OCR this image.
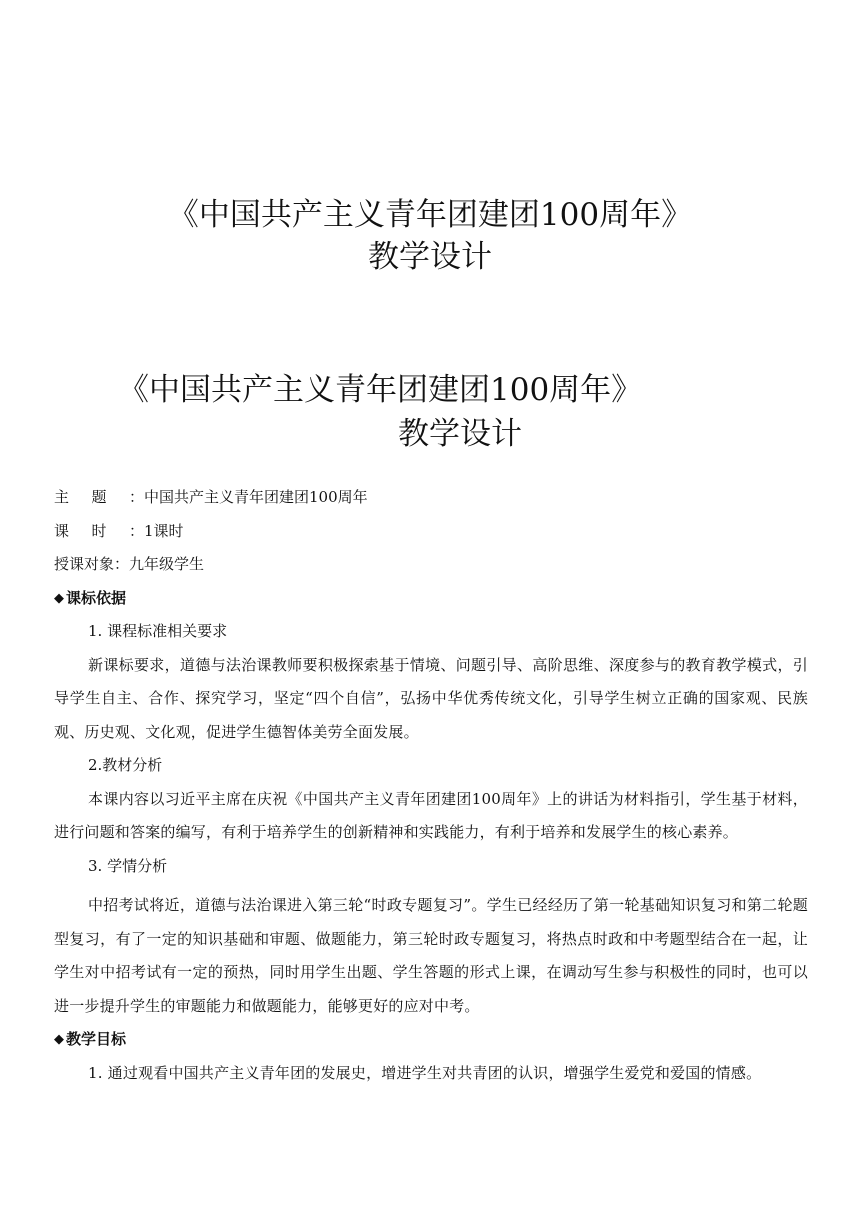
《中国共产主义青年团建团100周年》
教学设计
《中国共产主义青年团建团100周年》
教学设计
主题： 中国共产主义青年团建团100周年
课时： 1课时
授课对象： 九年级学生
◆ 课标依据
1. 课程标准相关要求

新课标要求，道德与法治课教师要积极探索基于情境、问题引导、高阶思维、深度参与的教育教学模式，引导学生自主、合作、探究学习，坚定“四个自信”，弘扬中华优秀传统文化，引导学生树立正确的国家观、民族观、历史观、文化观，促进学生德智体美劳全面发展。

2.教材分析

本课内容以习近平主席在庆祝《中国共产主义青年团建团100周年》上的讲话为材料指引，学生基于材料，进行问题和答案的编写，有利于培养学生的创新精神和实践能力，有利于培养和发展学生的核心素养。

3. 学情分析

中招考试将近，道德与法治课进入第三轮“时政专题复习”。学生已经经历了第一轮基础知识复习和第二轮题型复习，有了一定的知识基础和审题、做题能力，第三轮时政专题复习，将热点时政和中考题型结合在一起，让学生对中招考试有一定的预热，同时用学生出题、学生答题的形式上课，在调动写生参与积极性的同时，也可以进一步提升学生的审题能力和做题能力，能够更好的应对中考。

◆ 教学目标

1. 通过观看中国共产主义青年团的发展史，增进学生对共青团的认识，增强学生爱党和爱国的情感。
